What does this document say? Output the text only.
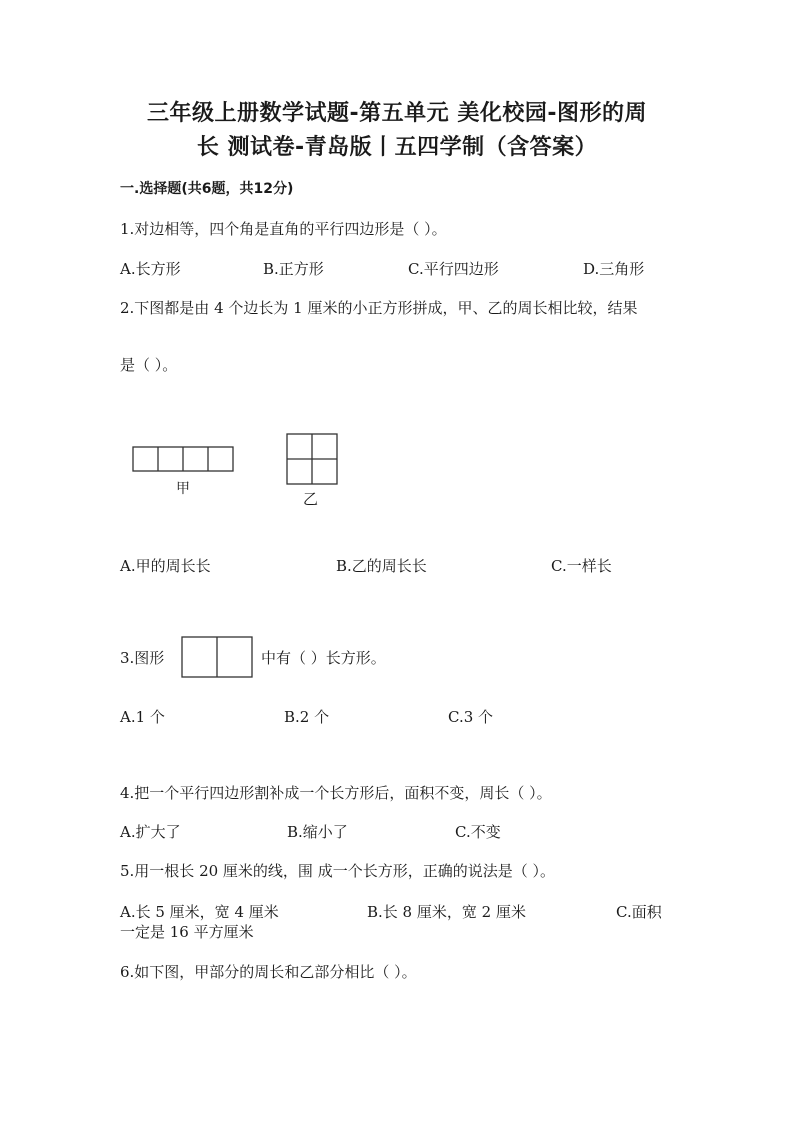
三年级上册数学试题-第五单元 美化校园-图形的周
长 测试卷-青岛版丨五四学制（含答案）
一.选择题(共6题，共12分)
1.对边相等，四个角是直角的平行四边形是（ ）。
A.长方形	B.正方形	C.平行四边形	D.三角形
2.下图都是由 4 个边长为 1 厘米的小正方形拼成，甲、乙的周长相比较，结果
是（ ）。
甲
乙
A.甲的周长长	B.乙的周长长	C.一样长
3.图形	中有（ ）长方形。
A.1 个	B.2 个	C.3 个
4.把一个平行四边形割补成一个长方形后，面积不变，周长（ ）。
A.扩大了	B.缩小了	C.不变
5.用一根长 20 厘米的线，围 成一个长方形，正确的说法是（ ）。
A.长 5 厘米，宽 4 厘米	B.长 8 厘米，宽 2 厘米	C.面积
一定是 16 平方厘米
6.如下图，甲部分的周长和乙部分相比（ ）。
